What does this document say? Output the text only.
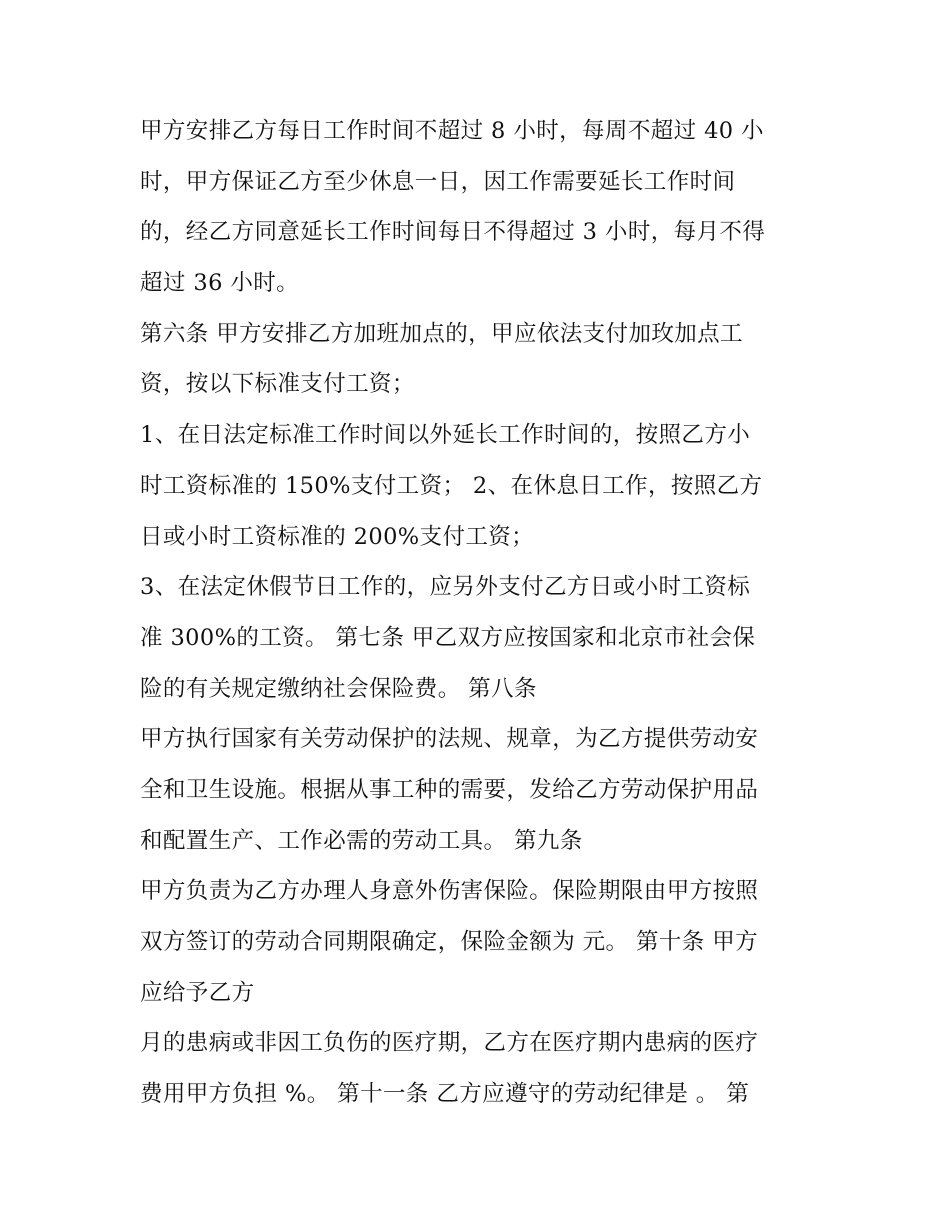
甲方安排乙方每日工作时间不超过 8 小时，每周不超过 40 小
时，甲方保证乙方至少休息一日，因工作需要延长工作时间
的，经乙方同意延长工作时间每日不得超过 3 小时，每月不得
超过 36 小时。
第六条 甲方安排乙方加班加点的，甲应依法支付加玫加点工
资，按以下标准支付工资；
1、在日法定标准工作时间以外延长工作时间的，按照乙方小
时工资标准的 150%支付工资； 2、在休息日工作，按照乙方
日或小时工资标准的 200%支付工资；
3、在法定休假节日工作的，应另外支付乙方日或小时工资标
准 300%的工资。 第七条 甲乙双方应按国家和北京市社会保
险的有关规定缴纳社会保险费。 第八条
甲方执行国家有关劳动保护的法规、规章，为乙方提供劳动安
全和卫生设施。根据从事工种的需要，发给乙方劳动保护用品
和配置生产、工作必需的劳动工具。 第九条
甲方负责为乙方办理人身意外伤害保险。保险期限由甲方按照
双方签订的劳动合同期限确定，保险金额为 元。 第十条 甲方
应给予乙方
月的患病或非因工负伤的医疗期，乙方在医疗期内患病的医疗
费用甲方负担 %。 第十一条 乙方应遵守的劳动纪律是 。 第
